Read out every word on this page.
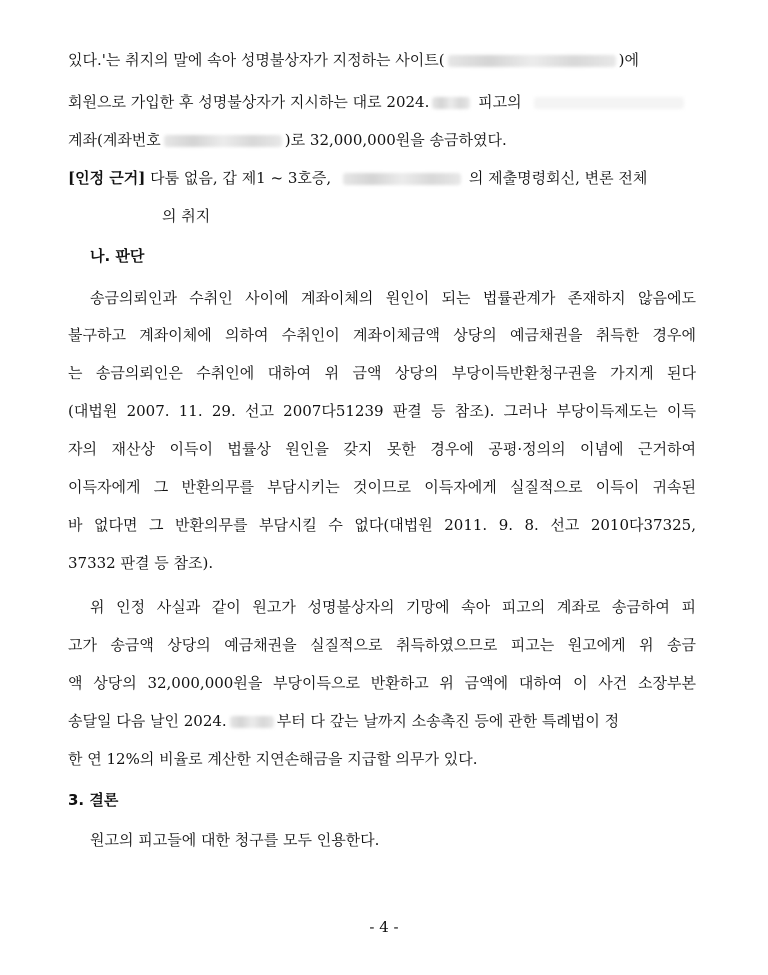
있다.'는 취지의 말에 속아 성명불상자가 지정하는 사이트(	)에
회원으로 가입한 후 성명불상자가 지시하는 대로 2024.	피고의
계좌(계좌번호	)로 32,000,000원을 송금하였다.
[인정 근거] 다툼 없음, 갑 제1 ~ 3호증,	의 제출명령회신, 변론 전체
의 취지
나. 판단
송금의뢰인과 수취인 사이에 계좌이체의 원인이 되는 법률관계가 존재하지 않음에도
불구하고 계좌이체에 의하여 수취인이 계좌이체금액 상당의 예금채권을 취득한 경우에
는 송금의뢰인은 수취인에 대하여 위 금액 상당의 부당이득반환청구권을 가지게 된다
(대법원 2007. 11. 29. 선고 2007다51239 판결 등 참조). 그러나 부당이득제도는 이득
자의 재산상 이득이 법률상 원인을 갖지 못한 경우에 공평·정의의 이념에 근거하여
이득자에게 그 반환의무를 부담시키는 것이므로 이득자에게 실질적으로 이득이 귀속된
바 없다면 그 반환의무를 부담시킬 수 없다(대법원 2011. 9. 8. 선고 2010다37325,
37332 판결 등 참조).
위 인정 사실과 같이 원고가 성명불상자의 기망에 속아 피고의 계좌로 송금하여 피
고가 송금액 상당의 예금채권을 실질적으로 취득하였으므로 피고는 원고에게 위 송금
액 상당의 32,000,000원을 부당이득으로 반환하고 위 금액에 대하여 이 사건 소장부본
송달일 다음 날인 2024.	부터 다 갚는 날까지 소송촉진 등에 관한 특례법이 정
한 연 12%의 비율로 계산한 지연손해금을 지급할 의무가 있다.
3. 결론
원고의 피고들에 대한 청구를 모두 인용한다.
- 4 -
